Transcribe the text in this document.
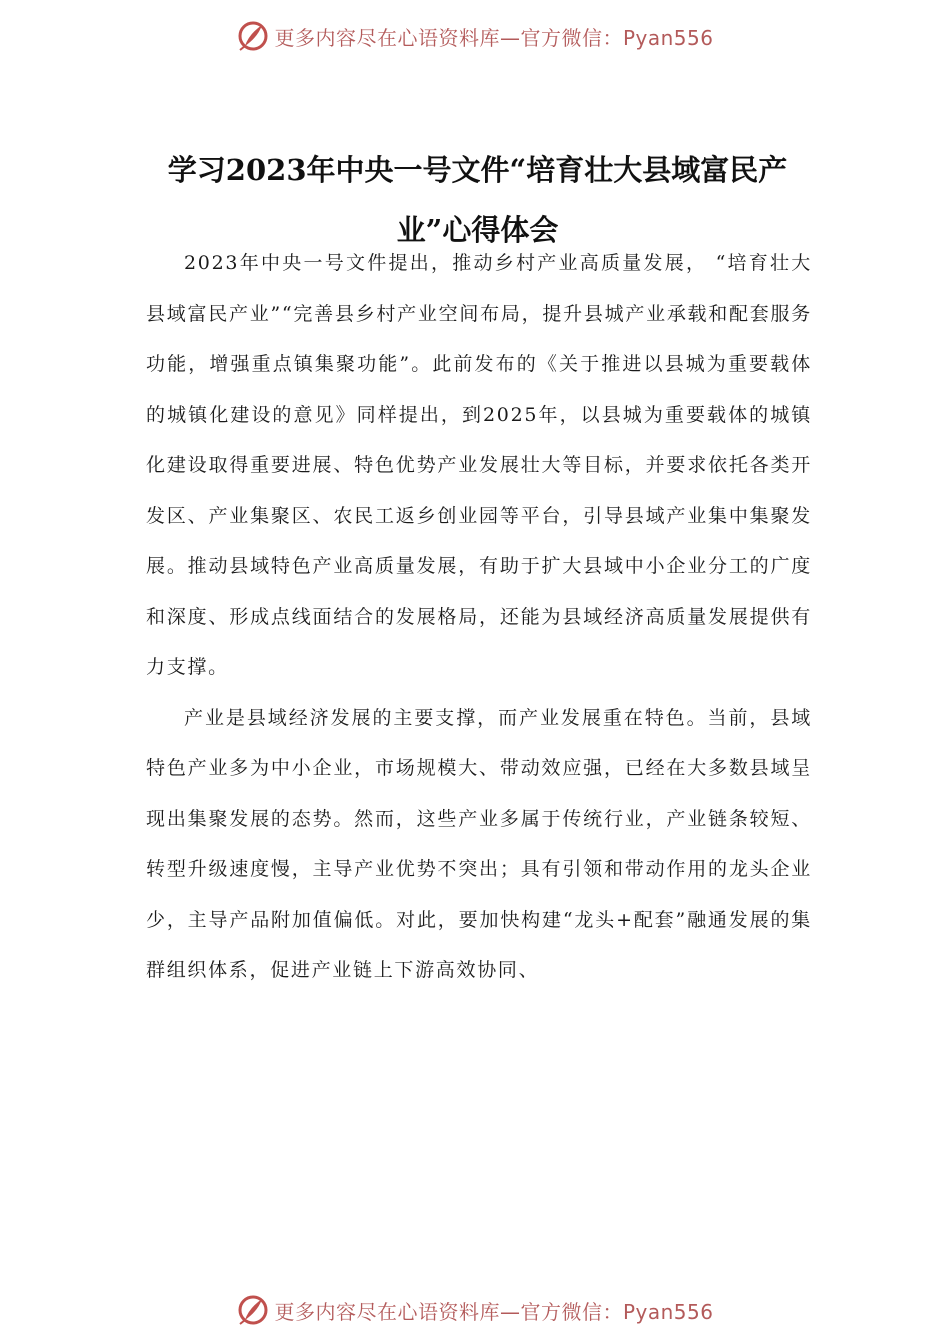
更多内容尽在心语资料库—官方微信：Pyan556
学习2023年中央一号文件“培育壮大县域富民产业”心得体会

2023年中央一号文件提出，推动乡村产业高质量发展， “培育壮大县域富民产业”“完善县乡村产业空间布局，提升县城产业承载和配套服务功能，增强重点镇集聚功能”。此前发布的《关于推进以县城为重要载体的城镇化建设的意见》同样提出，到2025年，以县城为重要载体的城镇化建设取得重要进展、特色优势产业发展壮大等目标，并要求依托各类开发区、产业集聚区、农民工返乡创业园等平台，引导县域产业集中集聚发展。推动县域特色产业高质量发展，有助于扩大县域中小企业分工的广度和深度、形成点线面结合的发展格局，还能为县域经济高质量发展提供有力支撑。

产业是县域经济发展的主要支撑，而产业发展重在特色。当前，县域特色产业多为中小企业，市场规模大、带动效应强，已经在大多数县域呈现出集聚发展的态势。然而，这些产业多属于传统行业，产业链条较短、转型升级速度慢，主导产业优势不突出；具有引领和带动作用的龙头企业少，主导产品附加值偏低。对此，要加快构建“龙头+配套”融通发展的集群组织体系，促进产业链上下游高效协同、

更多内容尽在心语资料库—官方微信：Pyan556
